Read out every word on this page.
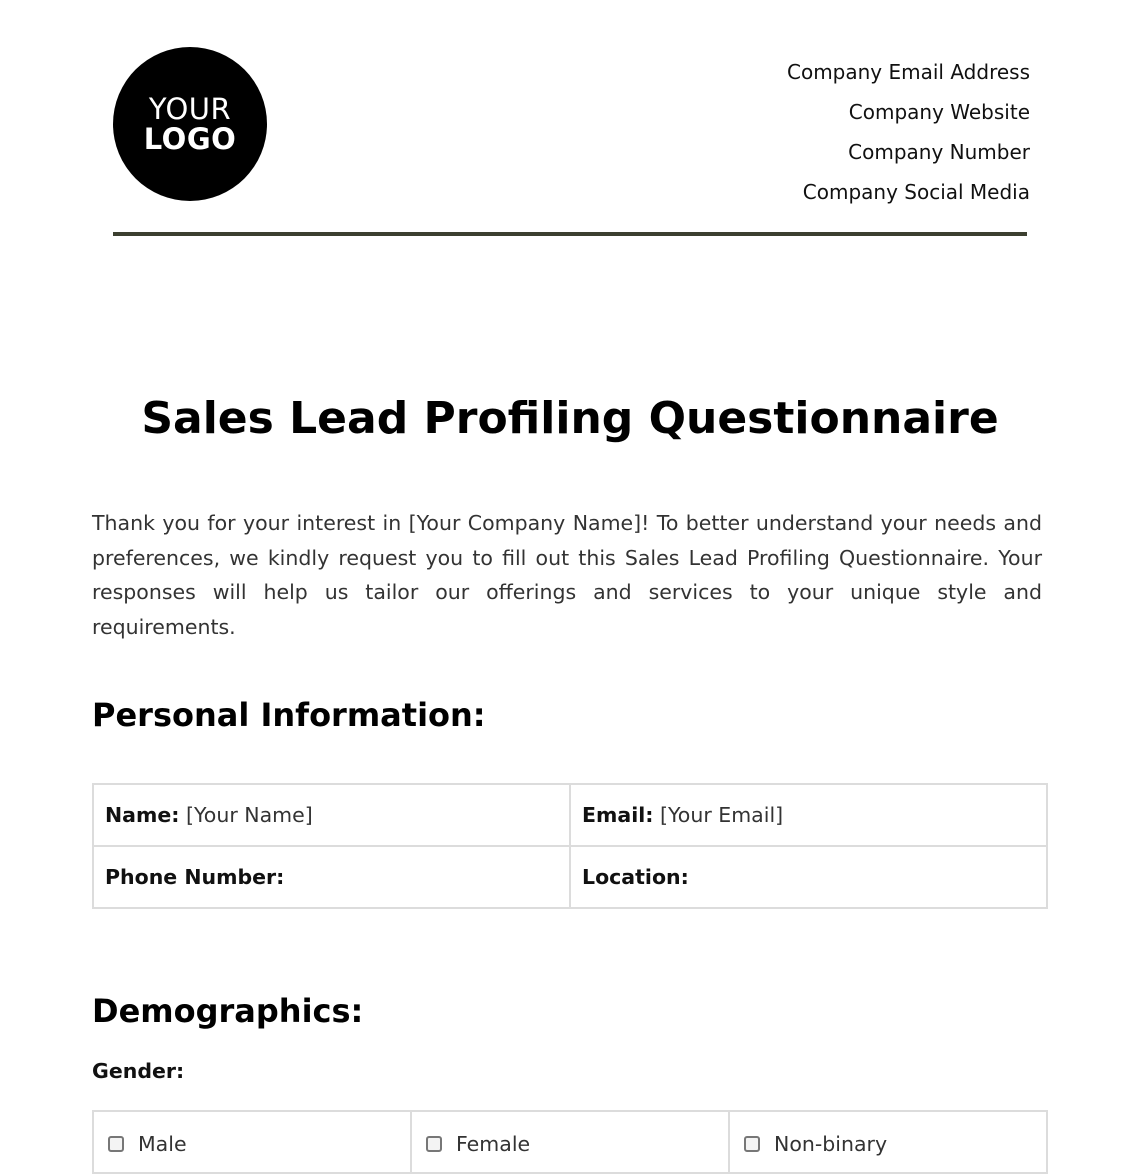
YOUR
LOGO
Company Email Address
Company Website
Company Number
Company Social Media
Sales Lead Profiling Questionnaire

Thank you for your interest in [Your Company Name]! To better understand your needs and preferences, we kindly request you to fill out this Sales Lead Profiling Questionnaire. Your responses will help us tailor our offerings and services to your unique style and requirements.

Personal Information:
Name: [Your Name]	Email: [Your Email]
Phone Number:	Location:
Demographics:
Gender:
Male	Female	Non-binary
